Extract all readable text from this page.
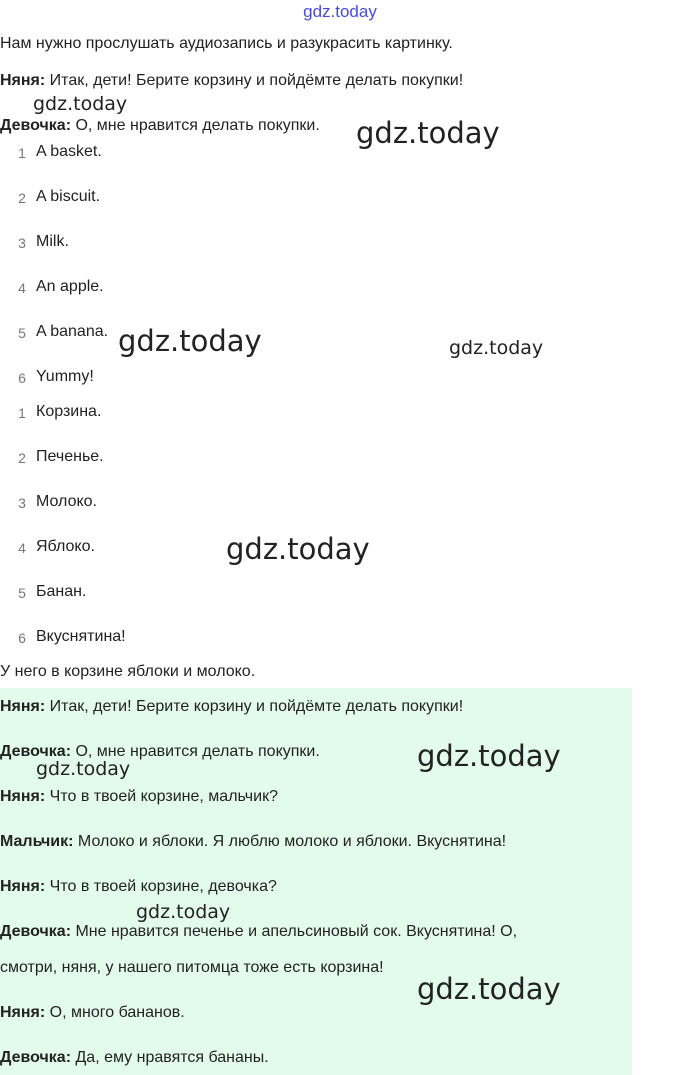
gdz.today
Нам нужно прослушать аудиозапись и разукрасить картинку.
Няня: Итак, дети! Берите корзину и пойдёмте делать покупки!
Девочка: О, мне нравится делать покупки.
1 A basket.
2 A biscuit.
3 Milk.
4 An apple.
5 A banana.
6 Yummy!
1 Корзина.
2 Печенье.
3 Молоко.
4 Яблоко.
5 Банан.
6 Вкуснятина!
У него в корзине яблоки и молоко.
Няня: Итак, дети! Берите корзину и пойдёмте делать покупки!
Девочка: О, мне нравится делать покупки.
Няня: Что в твоей корзине, мальчик?
Мальчик: Молоко и яблоки. Я люблю молоко и яблоки. Вкуснятина!
Няня: Что в твоей корзине, девочка?
Девочка: Мне нравится печенье и апельсиновый сок. Вкуснятина! О,
смотри, няня, у нашего питомца тоже есть корзина!
Няня: О, много бананов.
Девочка: Да, ему нравятся бананы.
gdz.today
gdz.today
gdz.today	gdz.today
gdz.today
gdz.today
gdz.today
gdz.today
gdz.today
